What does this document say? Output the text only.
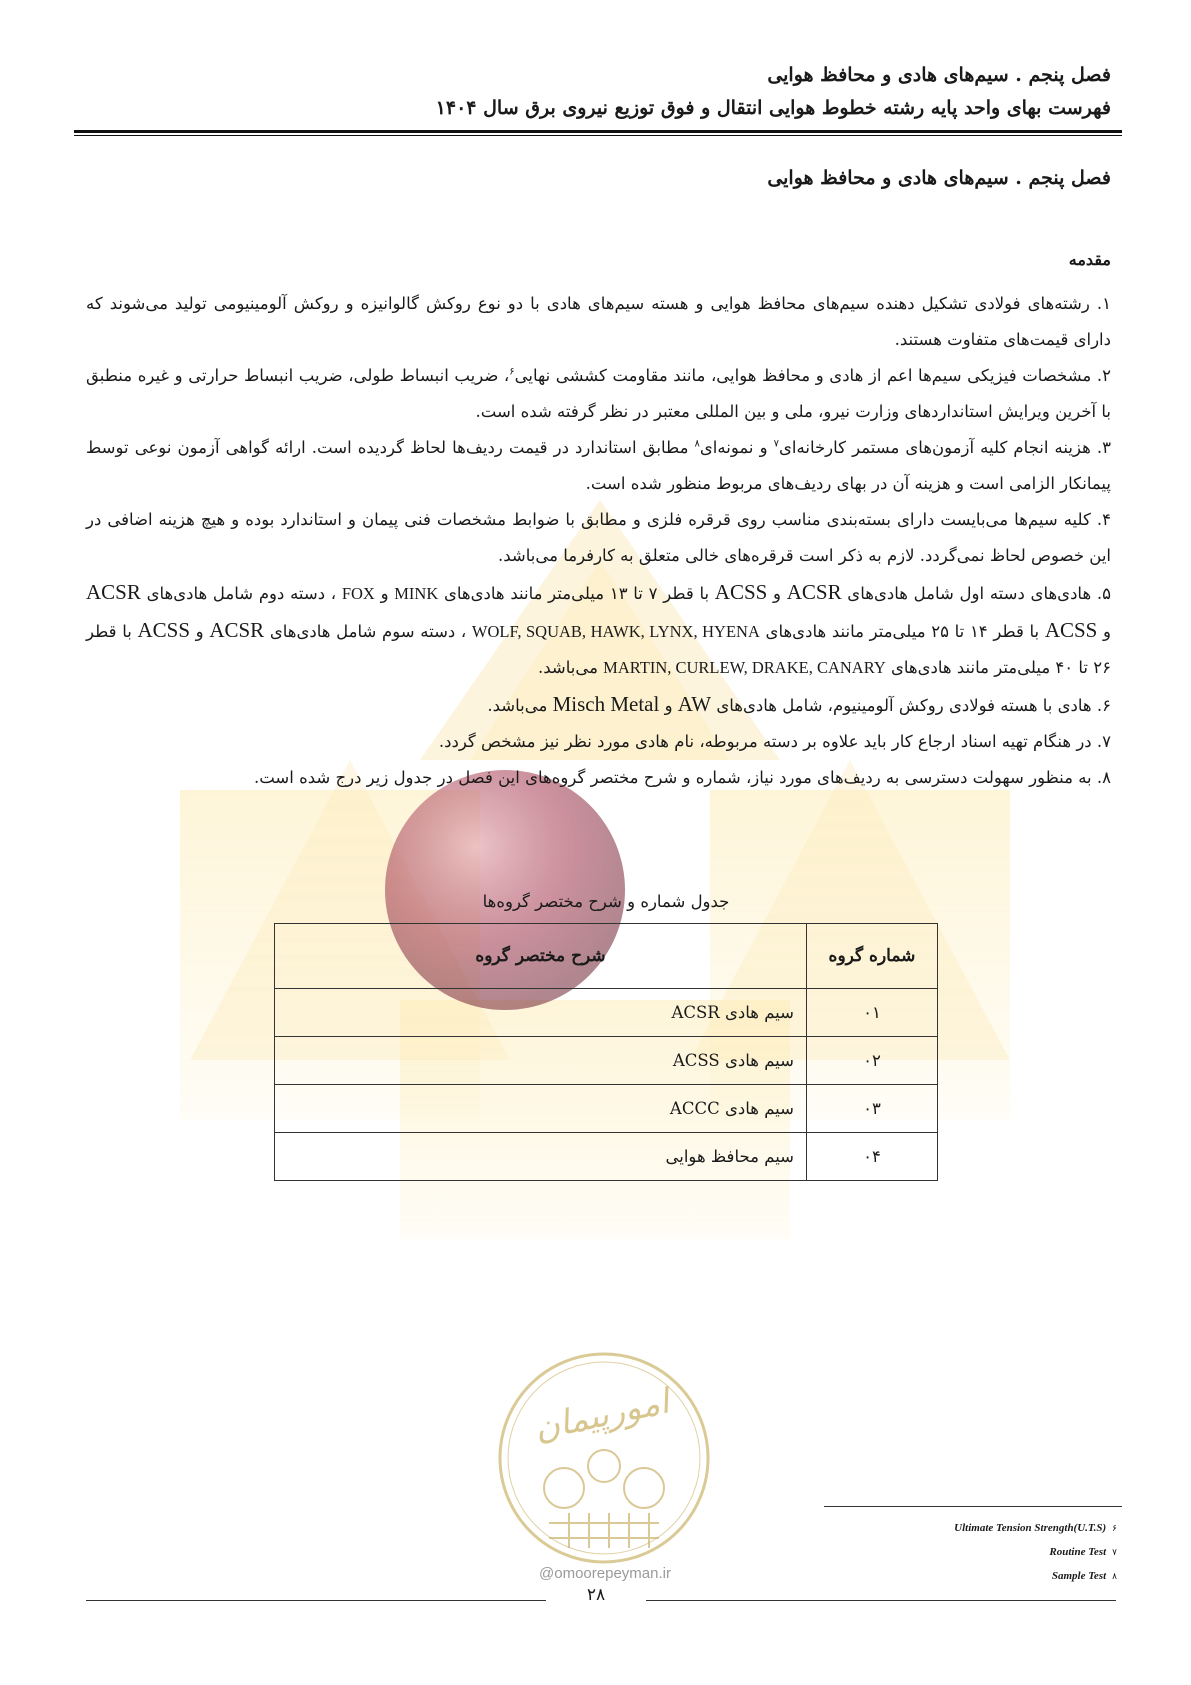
فصل پنجم . سیم‌های هادی و محافظ هوایی
فهرست بهای واحد پایه رشته خطوط هوایی انتقال و فوق توزیع نیروی برق سال ۱۴۰۴
فصل پنجم . سیم‌های هادی و محافظ هوایی
مقدمه

۱. رشته‌های فولادی تشکیل دهنده سیم‌های محافظ هوایی و هسته سیم‌های هادی با دو نوع روکش گالوانیزه و روکش آلومینیومی تولید می‌شوند که دارای قیمت‌های متفاوت هستند.

۲. مشخصات فیزیکی سیم‌ها اعم از هادی و محافظ هوایی، مانند مقاومت کششی نهایی$^۶$، ضریب انبساط طولی، ضریب انبساط حرارتی و غیره منطبق با آخرین ویرایش استانداردهای وزارت نیرو، ملی و بین المللی معتبر در نظر گرفته شده است.

۳. هزینه انجام کلیه آزمون‌های مستمر کارخانه‌ای$^۷$ و نمونه‌ای$^۸$ مطابق استاندارد در قیمت ردیف‌ها لحاظ گردیده است. ارائه گواهی آزمون نوعی توسط پیمانکار الزامی است و هزینه آن در بهای ردیف‌های مربوط منظور شده است.

۴. کلیه سیم‌ها می‌بایست دارای بسته‌بندی مناسب روی قرقره فلزی و مطابق با ضوابط مشخصات فنی پیمان و استاندارد بوده و هیچ هزینه اضافی در این خصوص لحاظ نمی‌گردد. لازم به ذکر است قرقره‌های خالی متعلق به کارفرما می‌باشد.

۵. هادی‌های دسته اول شامل هادی‌های ACSR و ACSS با قطر ۷ تا ۱۳ میلی‌متر مانند هادی‌های MINK و FOX ، دسته دوم شامل هادی‌های ACSR و ACSS با قطر ۱۴ تا ۲۵ میلی‌متر مانند هادی‌های WOLF, SQUAB, HAWK, LYNX, HYENA ، دسته سوم شامل هادی‌های ACSR و ACSS با قطر ۲۶ تا ۴۰ میلی‌متر مانند هادی‌های MARTIN, CURLEW, DRAKE, CANARY می‌باشد.

۶. هادی با هسته فولادی روکش آلومینیوم، شامل هادی‌های AW و Misch Metal می‌باشد.

۷. در هنگام تهیه اسناد ارجاع کار باید علاوه بر دسته مربوطه، نام هادی مورد نظر نیز مشخص گردد.

۸. به منظور سهولت دسترسی به ردیف‌های مورد نیاز، شماره و شرح مختصر گروه‌های این فصل در جدول زیر درج شده است.

جدول شماره و شرح مختصر گروه‌ها
شماره گروه	شرح مختصر گروه
۰۱	سیم هادی ACSR
۰۲	سیم هادی ACSS
۰۳	سیم هادی ACCC
۰۴	سیم محافظ هوایی
امورپیمان
@omoorepeyman.ir
Ultimate Tension Strength(U.T.S) ۶
Routine Test ۷
Sample Test ۸
۲۸
